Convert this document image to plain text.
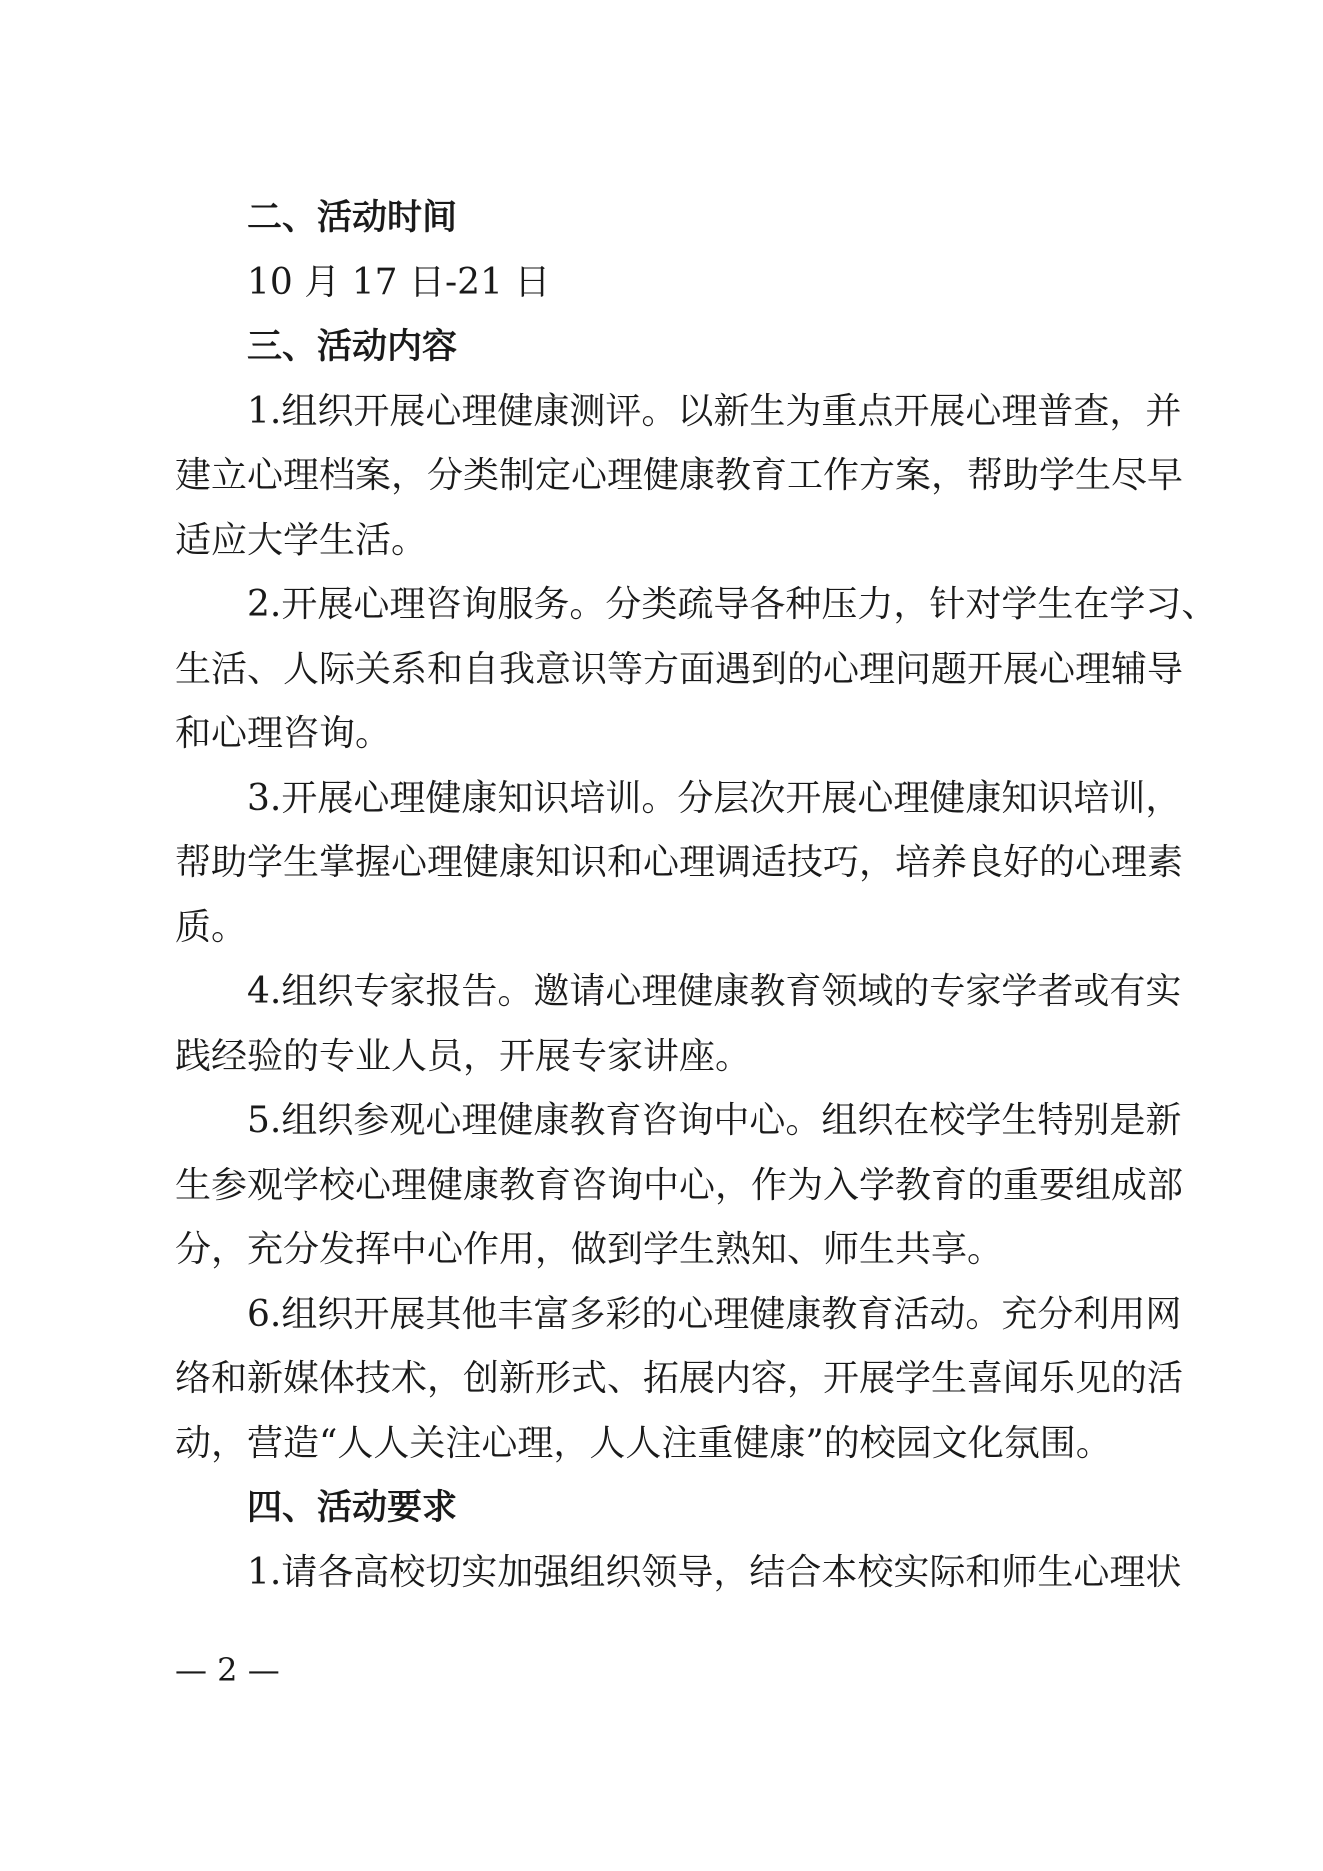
二、活动时间
10 月 17 日-21 日
三、活动内容
1.组织开展心理健康测评。以新生为重点开展心理普查，并
建立心理档案，分类制定心理健康教育工作方案，帮助学生尽早
适应大学生活。
2.开展心理咨询服务。分类疏导各种压力，针对学生在学习、
生活、人际关系和自我意识等方面遇到的心理问题开展心理辅导
和心理咨询。
3.开展心理健康知识培训。分层次开展心理健康知识培训，
帮助学生掌握心理健康知识和心理调适技巧，培养良好的心理素
质。
4.组织专家报告。邀请心理健康教育领域的专家学者或有实
践经验的专业人员，开展专家讲座。
5.组织参观心理健康教育咨询中心。组织在校学生特别是新
生参观学校心理健康教育咨询中心，作为入学教育的重要组成部
分，充分发挥中心作用，做到学生熟知、师生共享。
6.组织开展其他丰富多彩的心理健康教育活动。充分利用网
络和新媒体技术，创新形式、拓展内容，开展学生喜闻乐见的活
动，营造“人人关注心理，人人注重健康”的校园文化氛围。
四、活动要求
1.请各高校切实加强组织领导，结合本校实际和师生心理状
— 2 —
